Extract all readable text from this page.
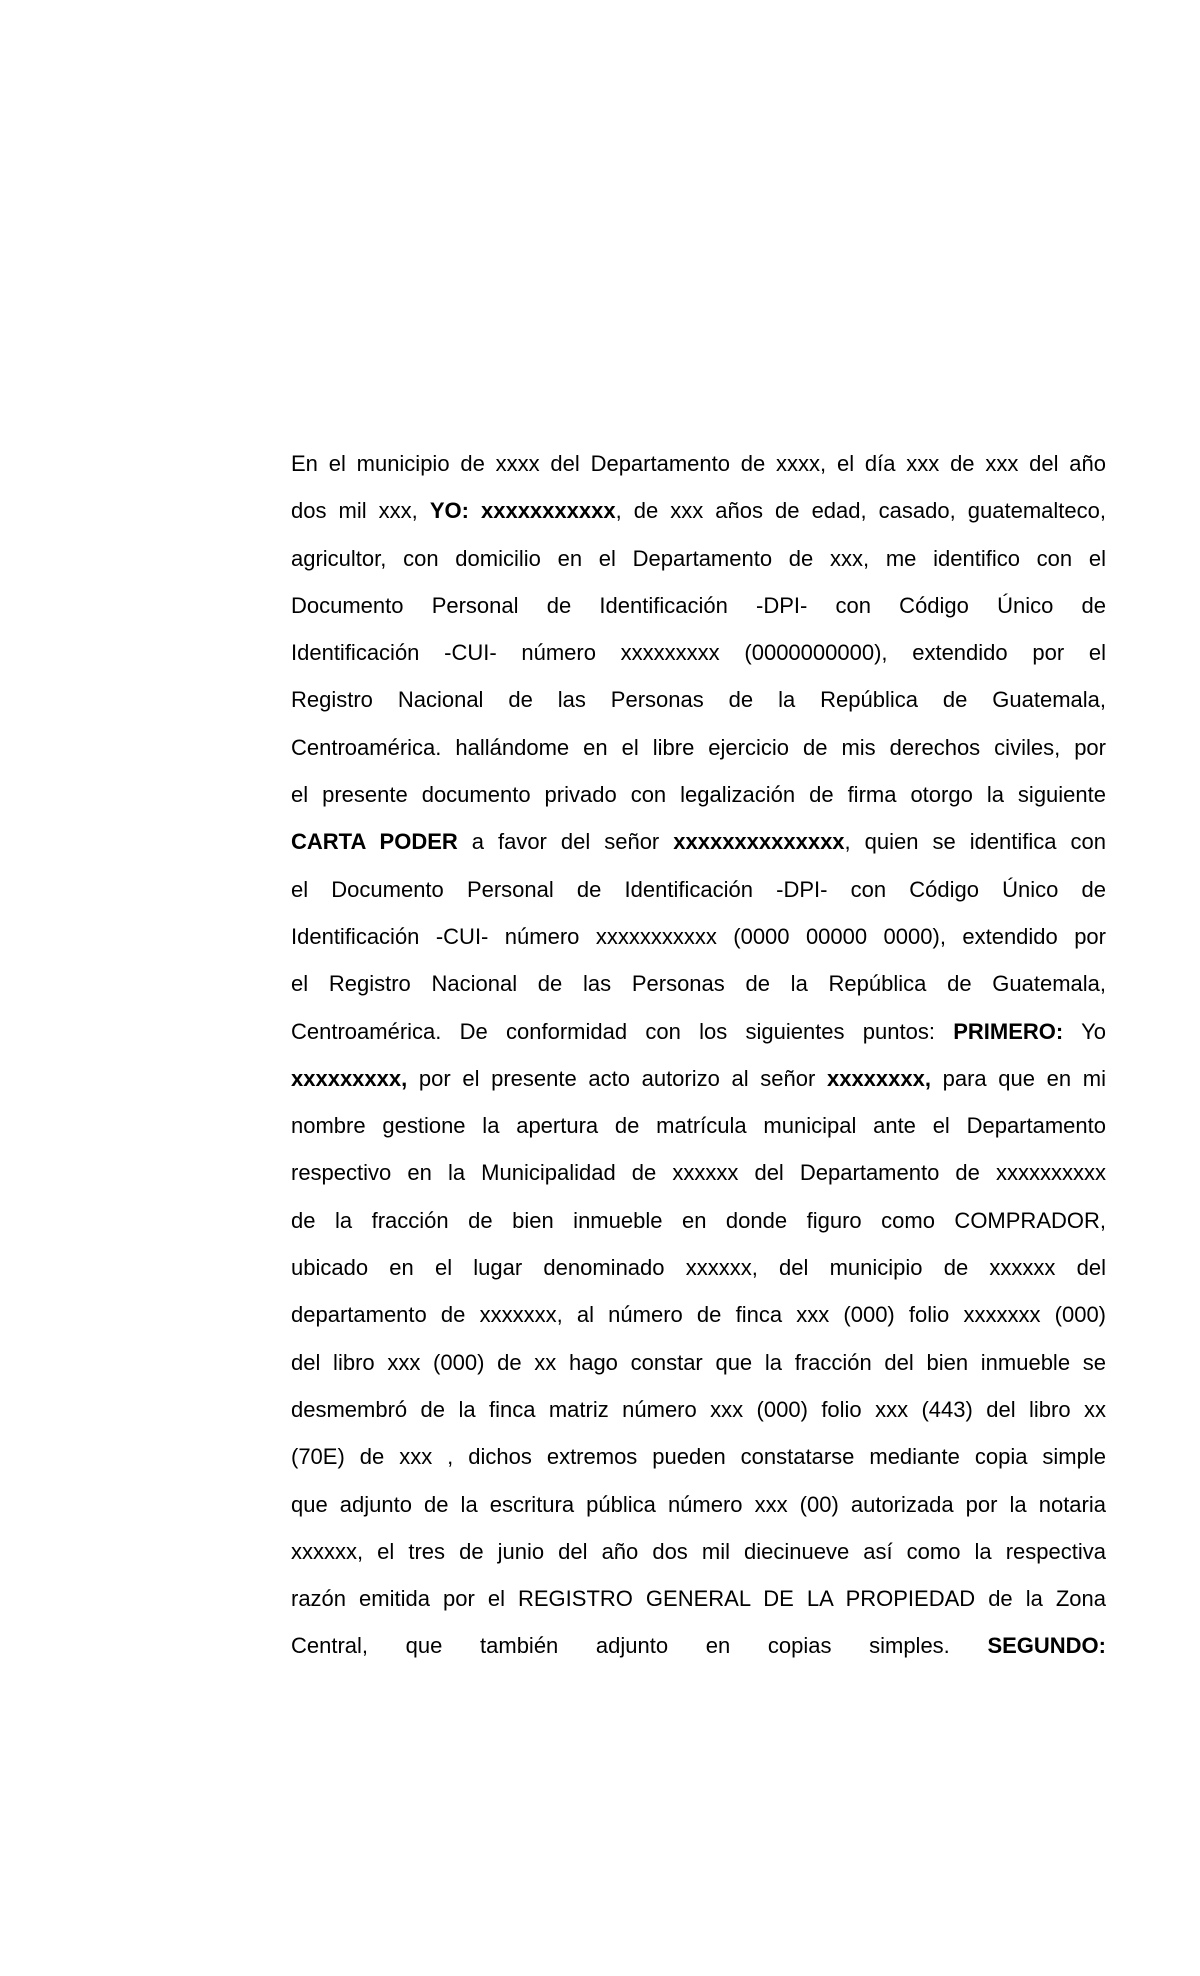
En el municipio de xxxx del Departamento de xxxx, el día xxx de xxx del año
dos mil xxx, YO: xxxxxxxxxxx, de xxx años de edad, casado, guatemalteco,
agricultor, con domicilio en el Departamento de xxx, me identifico con el
Documento Personal de Identificación -DPI- con Código Único de
Identificación -CUI- número xxxxxxxxx (0000000000), extendido por el
Registro Nacional de las Personas de la República de Guatemala,
Centroamérica. hallándome en el libre ejercicio de mis derechos civiles, por
el presente documento privado con legalización de firma otorgo la siguiente
CARTA PODER a favor del señor xxxxxxxxxxxxxx, quien se identifica con
el Documento Personal de Identificación -DPI- con Código Único de
Identificación -CUI- número xxxxxxxxxxx (0000 00000 0000), extendido por
el Registro Nacional de las Personas de la República de Guatemala,
Centroamérica. De conformidad con los siguientes puntos: PRIMERO: Yo
xxxxxxxxx, por el presente acto autorizo al señor xxxxxxxx, para que en mi
nombre gestione la apertura de matrícula municipal ante el Departamento
respectivo en la Municipalidad de xxxxxx del Departamento de xxxxxxxxxx
de la fracción de bien inmueble en donde figuro como COMPRADOR,
ubicado en el lugar denominado xxxxxx, del municipio de xxxxxx del
departamento de xxxxxxx, al número de finca xxx (000) folio xxxxxxx (000)
del libro xxx (000) de xx hago constar que la fracción del bien inmueble se
desmembró de la finca matriz número xxx (000) folio xxx (443) del libro xx
(70E) de xxx , dichos extremos pueden constatarse mediante copia simple
que adjunto de la escritura pública número xxx (00) autorizada por la notaria
xxxxxx, el tres de junio del año dos mil diecinueve así como la respectiva
razón emitida por el REGISTRO GENERAL DE LA PROPIEDAD de la Zona
Central, que también adjunto en copias simples. SEGUNDO:
